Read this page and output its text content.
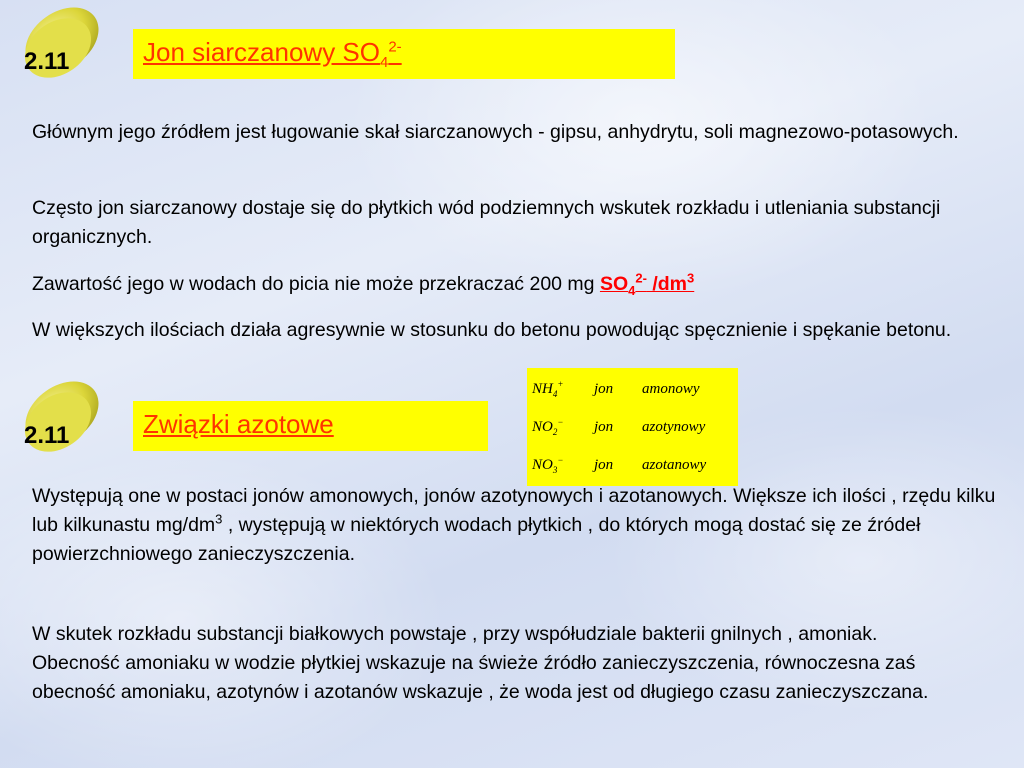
2.11	Jon siarczanowy $SO_4^{2-}$
Głównym jego źródłem jest ługowanie skał siarczanowych - gipsu, anhydrytu, soli magnezowo-potasowych.
Często jon siarczanowy dostaje się do płytkich wód podziemnych wskutek rozkładu i utleniania substancji organicznych.
Zawartość jego w wodach do picia nie może przekraczać 200 mg $SO_4^{2-}$ $/dm^3$
W większych ilościach działa agresywnie w stosunku do betonu powodując spęcznienie i spękanie betonu.
$NH_4^+$	jon	amonowy
$NO_2^-$	jon	azotynowy
$NO_3^-$	jon	azotanowy
2.11	Związki azotowe
Występują one w postaci jonów amonowych, jonów azotynowych i azotanowych. Większe ich ilości , rzędu kilku lub kilkunastu $mg/dm^3$ , występują w niektórych wodach płytkich , do których mogą dostać się ze źródeł powierzchniowego zanieczyszczenia.
W skutek rozkładu substancji białkowych powstaje , przy współudziale bakterii gnilnych , amoniak. Obecność amoniaku w wodzie płytkiej wskazuje na świeże źródło zanieczyszczenia, równoczesna zaś obecność amoniaku, azotynów i azotanów wskazuje , że woda jest od długiego czasu zanieczyszczana.
